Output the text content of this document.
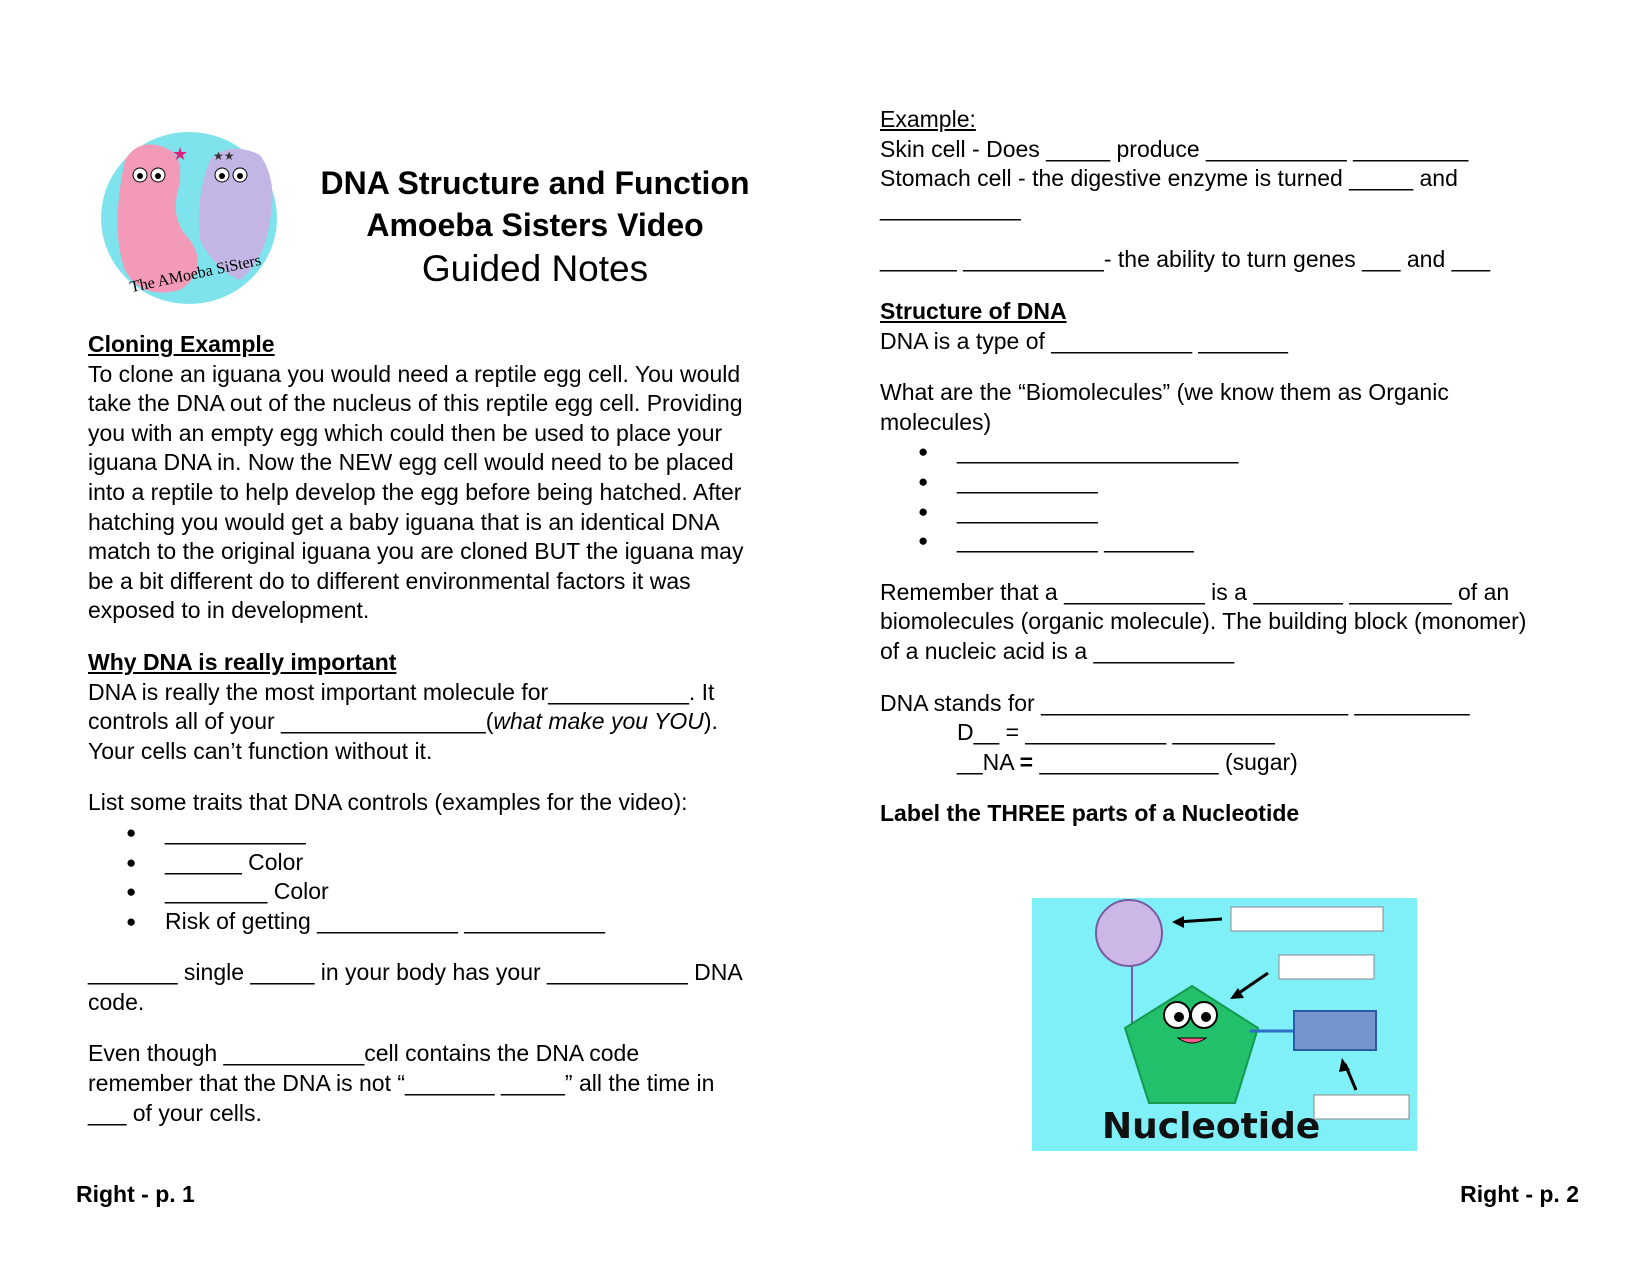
★ ★★
The AMoeba SiSters
DNA Structure and Function
Amoeba Sisters Video
Guided Notes

Cloning Example

To clone an iguana you would need a reptile egg cell. You would take the DNA out of the nucleus of this reptile egg cell. Providing you with an empty egg which could then be used to place your iguana DNA in. Now the NEW egg cell would need to be placed into a reptile to help develop the egg before being hatched. After hatching you would get a baby iguana that is an identical DNA match to the original iguana you are cloned BUT the iguana may be a bit different do to different environmental factors it was exposed to in development.

Why DNA is really important

DNA is really the most important molecule for___________. It controls all of your ________________(what make you YOU). Your cells can’t function without it.

List some traits that DNA controls (examples for the video):

● ___________
● ______ Color
● ________ Color
● Risk of getting ___________ ___________

_______ single _____ in your body has your ___________ DNA code.

Even though ___________cell contains the DNA code remember that the DNA is not “_______ _____” all the time in ___ of your cells.

Example:

Skin cell - Does _____ produce ___________ _________

Stomach cell - the digestive enzyme is turned _____ and ___________

______ ___________- the ability to turn genes ___ and ___

Structure of DNA

DNA is a type of ___________ _______

What are the “Biomolecules” (we know them as Organic molecules)

● ______________________
● ___________
● ___________
● ___________ _______

Remember that a ___________ is a _______ ________ of an biomolecules (organic molecule). The building block (monomer) of a nucleic acid is a ___________

DNA stands for ________________________ _________

D__ = ___________ ________

__NA = ______________ (sugar)

Label the THREE parts of a Nucleotide

Nucleotide
Right - p. 1	Right - p. 2
